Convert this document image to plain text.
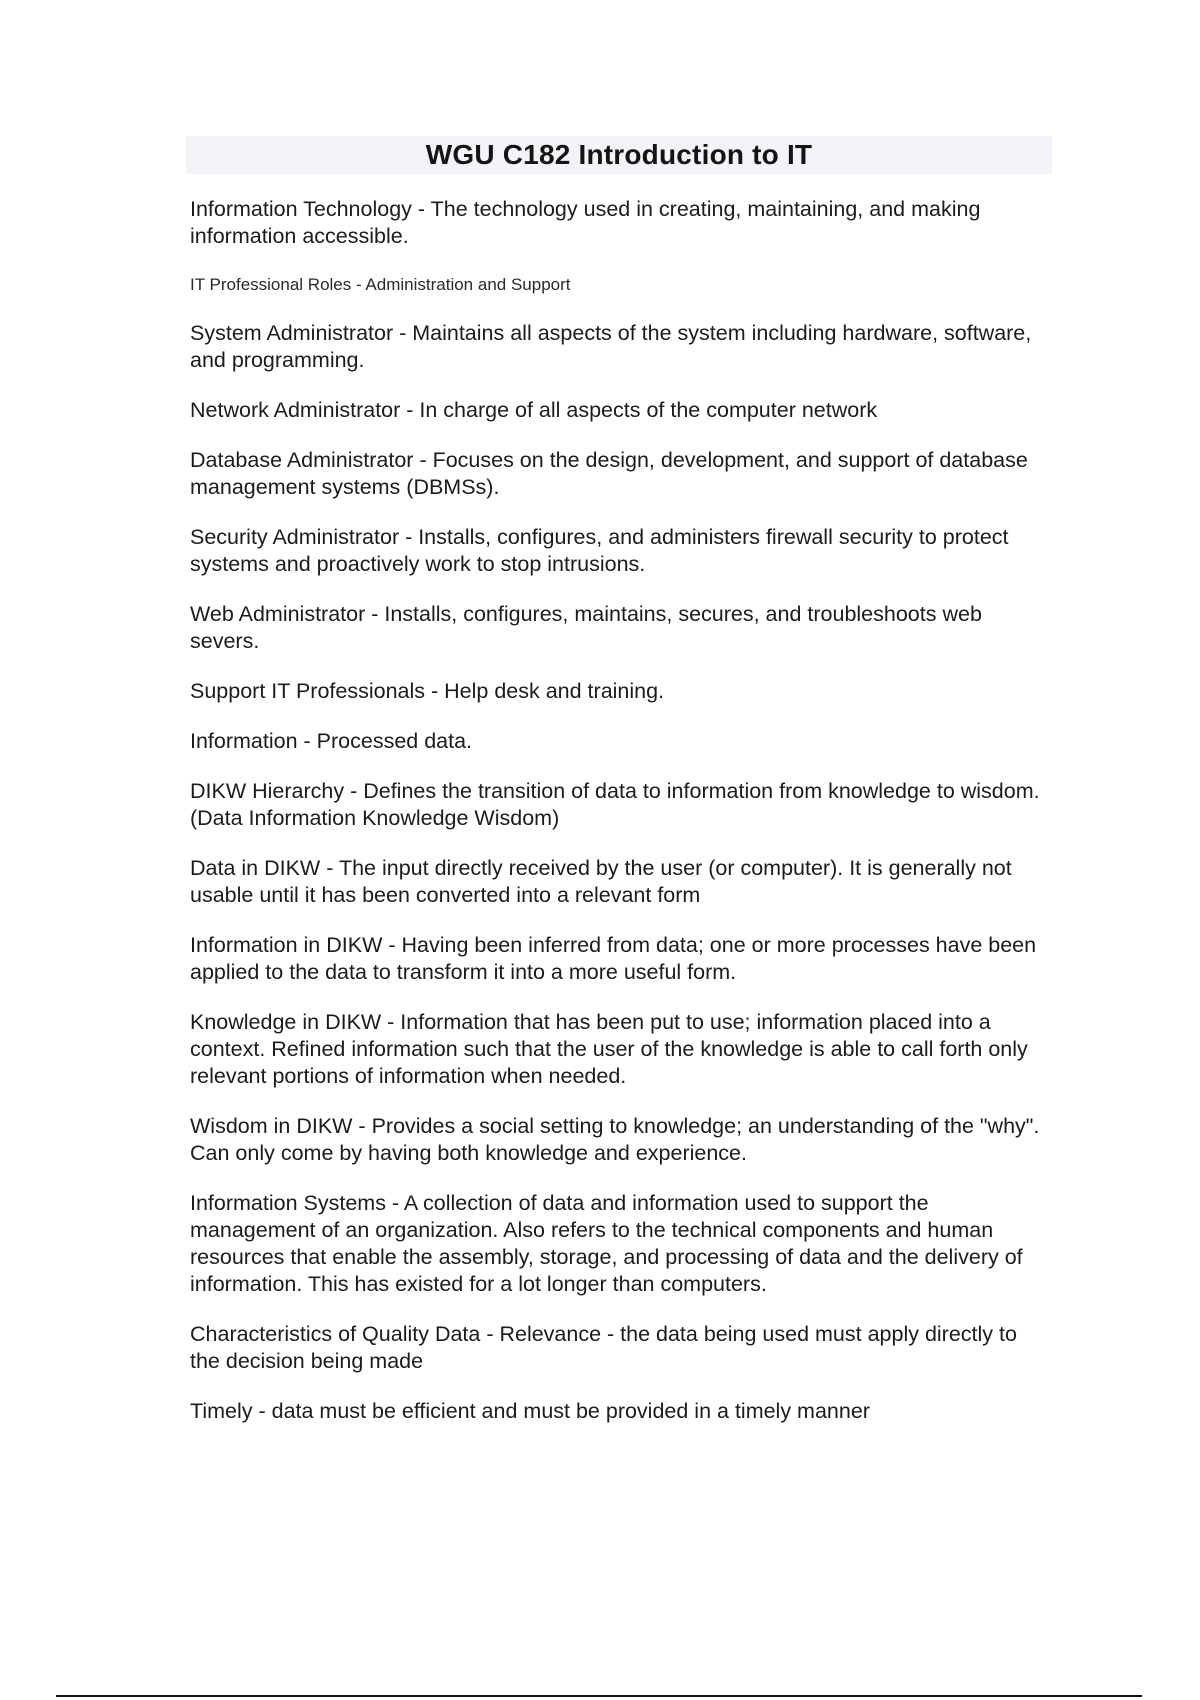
WGU C182 Introduction to IT

Information Technology - The technology used in creating, maintaining, and making information accessible.

IT Professional Roles - Administration and Support

System Administrator - Maintains all aspects of the system including hardware, software, and programming.

Network Administrator - In charge of all aspects of the computer network

Database Administrator - Focuses on the design, development, and support of database management systems (DBMSs).

Security Administrator - Installs, configures, and administers firewall security to protect systems and proactively work to stop intrusions.

Web Administrator - Installs, configures, maintains, secures, and troubleshoots web severs.

Support IT Professionals - Help desk and training.

Information - Processed data.

DIKW Hierarchy - Defines the transition of data to information from knowledge to wisdom. (Data Information Knowledge Wisdom)

Data in DIKW - The input directly received by the user (or computer). It is generally not usable until it has been converted into a relevant form

Information in DIKW - Having been inferred from data; one or more processes have been applied to the data to transform it into a more useful form.

Knowledge in DIKW - Information that has been put to use; information placed into a context. Refined information such that the user of the knowledge is able to call forth only relevant portions of information when needed.

Wisdom in DIKW - Provides a social setting to knowledge; an understanding of the "why". Can only come by having both knowledge and experience.

Information Systems - A collection of data and information used to support the management of an organization. Also refers to the technical components and human resources that enable the assembly, storage, and processing of data and the delivery of information. This has existed for a lot longer than computers.

Characteristics of Quality Data - Relevance - the data being used must apply directly to the decision being made

Timely - data must be efficient and must be provided in a timely manner
